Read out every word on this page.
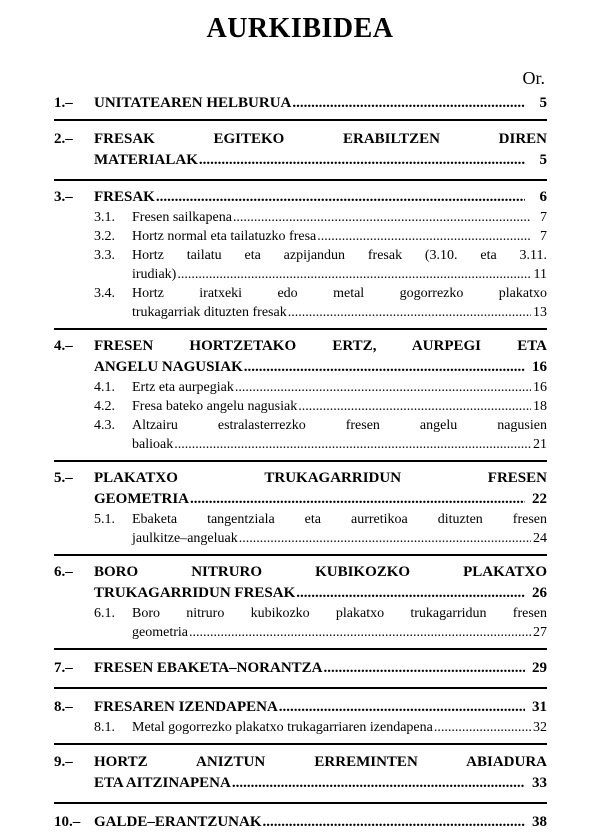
AURKIBIDEA
Or.
1.–	UNITATEAREN HELBURUA .....	5
2.–	FRESAK EGITEKO ERABILTZEN DIREN
MATERIALAK .....	5
3.–	FRESAK .....	6
3.1.	Fresen sailkapena .....	7
3.2.	Hortz normal eta tailatuzko fresa .....	7
3.3.	Hortz tailatu eta azpijandun fresak (3.10. eta 3.11.
irudiak) .....	11
3.4.	Hortz iratxeki edo metal gogorrezko plakatxo
trukagarriak dituzten fresak .....	13
4.–	FRESEN HORTZETAKO ERTZ, AURPEGI ETA
ANGELU NAGUSIAK .....	16
4.1.	Ertz eta aurpegiak .....	16
4.2.	Fresa bateko angelu nagusiak .....	18
4.3.	Altzairu estralasterrezko fresen angelu nagusien
balioak .....	21
5.–	PLAKATXO TRUKAGARRIDUN FRESEN
GEOMETRIA .....	22
5.1.	Ebaketa tangentziala eta aurretikoa dituzten fresen
jaulkitze–angeluak .....	24
6.–	BORO NITRURO KUBIKOZKO PLAKATXO
TRUKAGARRIDUN FRESAK .....	26
6.1.	Boro nitruro kubikozko plakatxo trukagarridun fresen
geometria .....	27
7.–	FRESEN EBAKETA–NORANTZA .....	29
8.–	FRESAREN IZENDAPENA .....	31
8.1.	Metal gogorrezko plakatxo trukagarriaren izendapena .....	32
9.–	HORTZ ANIZTUN ERREMINTEN ABIADURA
ETA AITZINAPENA .....	33
10.– GALDE–ERANTZUNAK .....	38
